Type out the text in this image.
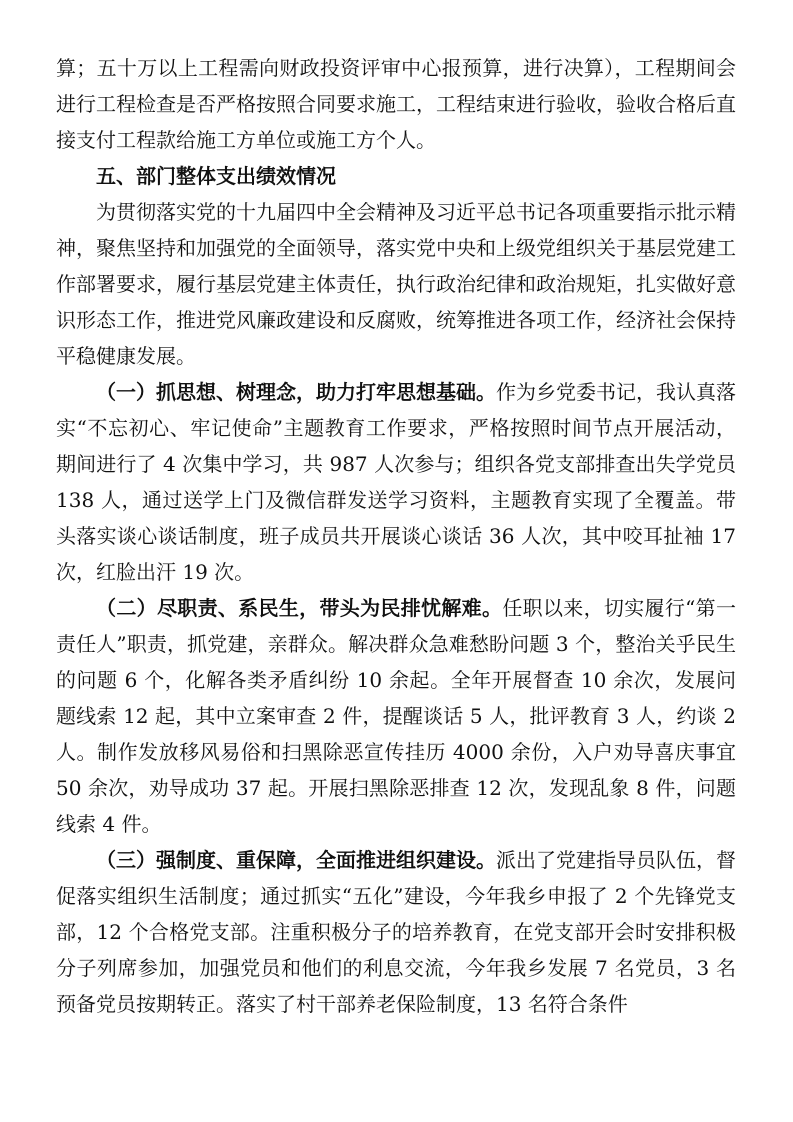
算；五十万以上工程需向财政投资评审中心报预算，进行决算），工程期间会进行工程检查是否严格按照合同要求施工，工程结束进行验收，验收合格后直接支付工程款给施工方单位或施工方个人。

五、部门整体支出绩效情况

为贯彻落实党的十九届四中全会精神及习近平总书记各项重要指示批示精神，聚焦坚持和加强党的全面领导，落实党中央和上级党组织关于基层党建工作部署要求，履行基层党建主体责任，执行政治纪律和政治规矩，扎实做好意识形态工作，推进党风廉政建设和反腐败，统筹推进各项工作，经济社会保持平稳健康发展。

（一）抓思想、树理念，助力打牢思想基础。作为乡党委书记，我认真落实“不忘初心、牢记使命”主题教育工作要求，严格按照时间节点开展活动，期间进行了 4 次集中学习，共 987 人次参与；组织各党支部排查出失学党员 138 人，通过送学上门及微信群发送学习资料，主题教育实现了全覆盖。带头落实谈心谈话制度，班子成员共开展谈心谈话 36 人次，其中咬耳扯袖 17 次，红脸出汗 19 次。

（二）尽职责、系民生，带头为民排忧解难。任职以来，切实履行“第一责任人”职责，抓党建，亲群众。解决群众急难愁盼问题 3 个，整治关乎民生的问题 6 个，化解各类矛盾纠纷 10 余起。全年开展督查 10 余次，发展问题线索 12 起，其中立案审查 2 件，提醒谈话 5 人，批评教育 3 人，约谈 2 人。制作发放移风易俗和扫黑除恶宣传挂历 4000 余份，入户劝导喜庆事宜 50 余次，劝导成功 37 起。开展扫黑除恶排查 12 次，发现乱象 8 件，问题线索 4 件。

（三）强制度、重保障，全面推进组织建设。派出了党建指导员队伍，督促落实组织生活制度；通过抓实“五化”建设，今年我乡申报了 2 个先锋党支部，12 个合格党支部。注重积极分子的培养教育，在党支部开会时安排积极分子列席参加，加强党员和他们的利息交流，今年我乡发展 7 名党员，3 名预备党员按期转正。落实了村干部养老保险制度，13 名符合条件
